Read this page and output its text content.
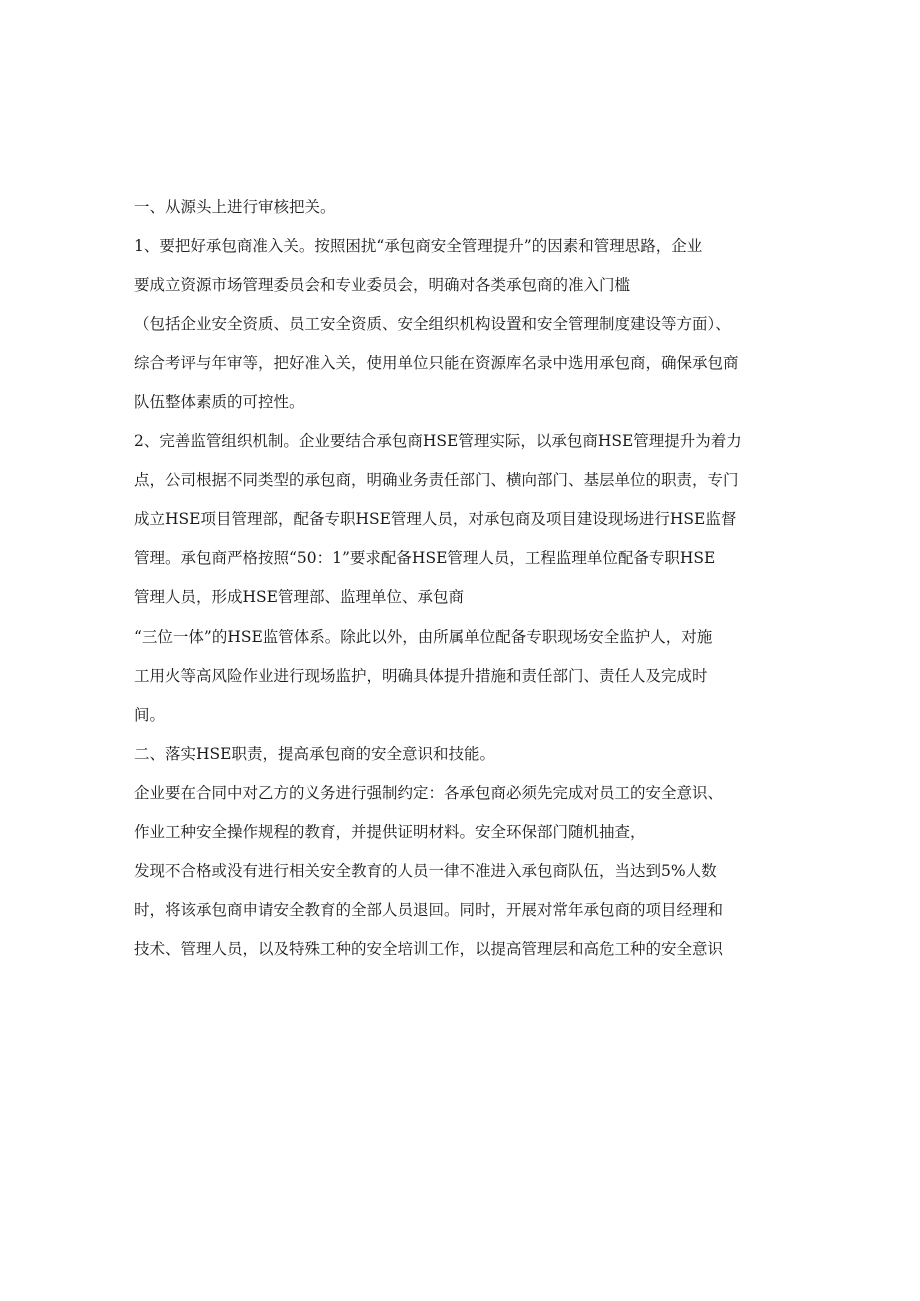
一、从源头上进行审核把关。
1、要把好承包商准入关。按照困扰“承包商安全管理提升”的因素和管理思路，企业
要成立资源市场管理委员会和专业委员会，明确对各类承包商的准入门槛
（包括企业安全资质、员工安全资质、安全组织机构设置和安全管理制度建设等方面）、
综合考评与年审等，把好准入关，使用单位只能在资源库名录中选用承包商，确保承包商
队伍整体素质的可控性。
2、完善监管组织机制。企业要结合承包商HSE管理实际，以承包商HSE管理提升为着力
点，公司根据不同类型的承包商，明确业务责任部门、横向部门、基层单位的职责，专门
成立HSE项目管理部，配备专职HSE管理人员，对承包商及项目建设现场进行HSE监督
管理。承包商严格按照“50：1”要求配备HSE管理人员，工程监理单位配备专职HSE
管理人员，形成HSE管理部、监理单位、承包商
“三位一体”的HSE监管体系。除此以外，由所属单位配备专职现场安全监护人，对施
工用火等高风险作业进行现场监护，明确具体提升措施和责任部门、责任人及完成时
间。
二、落实HSE职责，提高承包商的安全意识和技能。
企业要在合同中对乙方的义务进行强制约定：各承包商必须先完成对员工的安全意识、
作业工种安全操作规程的教育，并提供证明材料。安全环保部门随机抽查，
发现不合格或没有进行相关安全教育的人员一律不准进入承包商队伍，当达到5%人数
时，将该承包商申请安全教育的全部人员退回。同时，开展对常年承包商的项目经理和
技术、管理人员，以及特殊工种的安全培训工作，以提高管理层和高危工种的安全意识
